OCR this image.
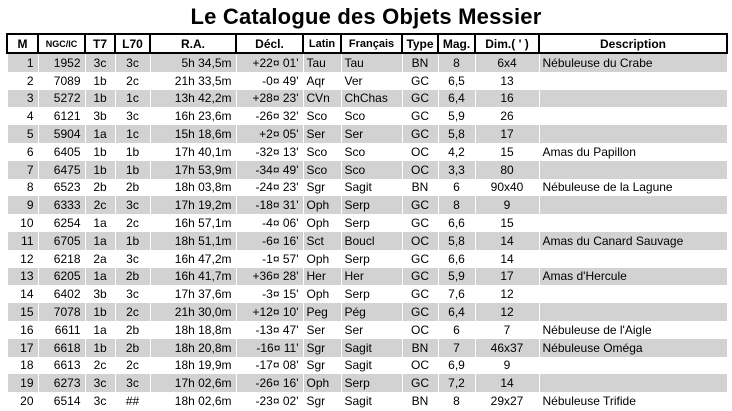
Le Catalogue des Objets Messier
M	NGC/IC	T7	L70	R.A.	Décl.	Latin	Français	Type	Mag.	Dim.( ' )	Description
1	1952	3c	3c	5h 34,5m	+22¤ 01'	Tau	Tau	BN	8	6x4	Nébuleuse du Crabe
2	7089	1b	2c	21h 33,5m	-0¤ 49'	Aqr	Ver	GC	6,5	13	
3	5272	1b	1c	13h 42,2m	+28¤ 23'	CVn	ChChas	GC	6,4	16	
4	6121	3b	3c	16h 23,6m	-26¤ 32'	Sco	Sco	GC	5,9	26	
5	5904	1a	1c	15h 18,6m	+2¤ 05'	Ser	Ser	GC	5,8	17	
6	6405	1b	1b	17h 40,1m	-32¤ 13'	Sco	Sco	OC	4,2	15	Amas du Papillon
7	6475	1b	1b	17h 53,9m	-34¤ 49'	Sco	Sco	OC	3,3	80	
8	6523	2b	2b	18h 03,8m	-24¤ 23'	Sgr	Sagit	BN	6	90x40	Nébuleuse de la Lagune
9	6333	2c	3c	17h 19,2m	-18¤ 31'	Oph	Serp	GC	8	9	
10	6254	1a	2c	16h 57,1m	-4¤ 06'	Oph	Serp	GC	6,6	15	
11	6705	1a	1b	18h 51,1m	-6¤ 16'	Sct	Boucl	OC	5,8	14	Amas du Canard Sauvage
12	6218	2a	3c	16h 47,2m	-1¤ 57'	Oph	Serp	GC	6,6	14	
13	6205	1a	2b	16h 41,7m	+36¤ 28'	Her	Her	GC	5,9	17	Amas d'Hercule
14	6402	3b	3c	17h 37,6m	-3¤ 15'	Oph	Serp	GC	7,6	12	
15	7078	1b	2c	21h 30,0m	+12¤ 10'	Peg	Pég	GC	6,4	12	
16	6611	1a	2b	18h 18,8m	-13¤ 47'	Ser	Ser	OC	6	7	Nébuleuse de l'Aigle
17	6618	1b	2b	18h 20,8m	-16¤ 11'	Sgr	Sagit	BN	7	46x37	Nébuleuse Oméga
18	6613	2c	2c	18h 19,9m	-17¤ 08'	Sgr	Sagit	OC	6,9	9	
19	6273	3c	3c	17h 02,6m	-26¤ 16'	Oph	Serp	GC	7,2	14	
20	6514	3c	##	18h 02,6m	-23¤ 02'	Sgr	Sagit	BN	8	29x27	Nébuleuse Trifide
